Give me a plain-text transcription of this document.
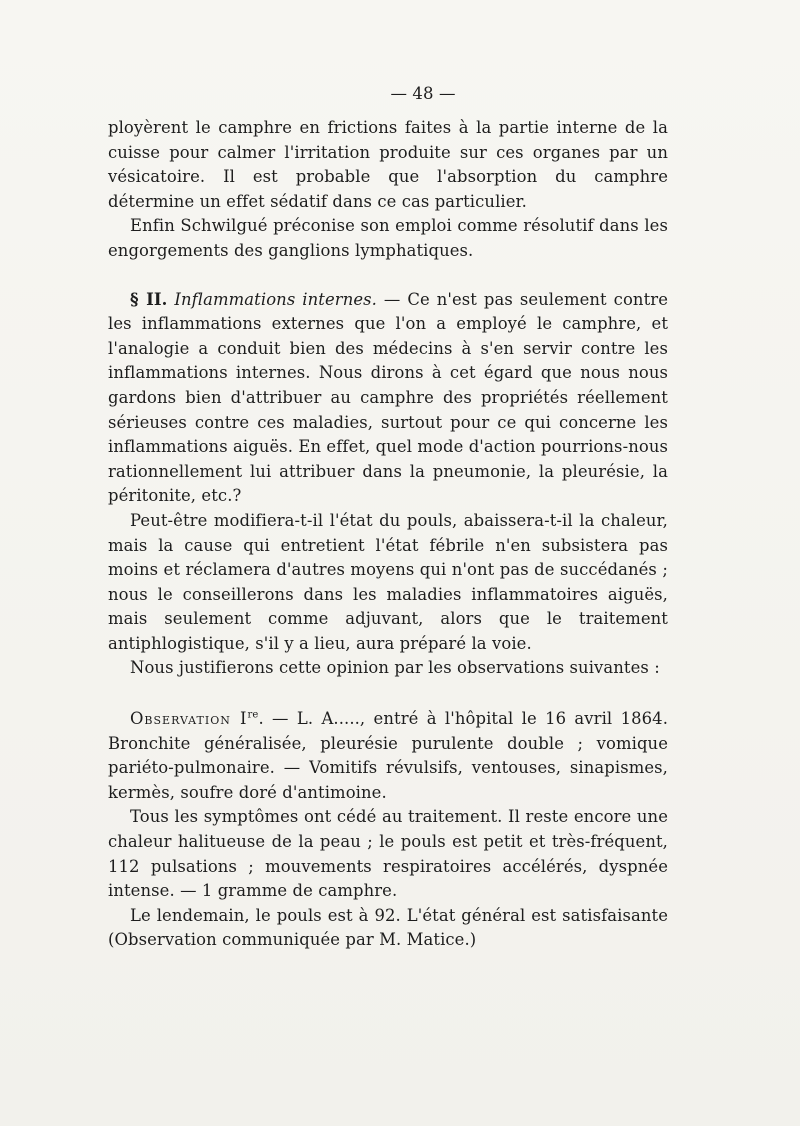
— 48 —

ployèrent le camphre en frictions faites à la partie interne de la cuisse pour calmer l'irritation produite sur ces organes par un vésicatoire. Il est probable que l'absorption du camphre détermine un effet sédatif dans ce cas particulier.

Enfin Schwilgué préconise son emploi comme résolutif dans les engorgements des ganglions lymphatiques.

§ II. Inflammations internes. — Ce n'est pas seulement contre les inflammations externes que l'on a employé le camphre, et l'analogie a conduit bien des médecins à s'en servir contre les inflammations internes. Nous dirons à cet égard que nous nous gardons bien d'attribuer au camphre des propriétés réellement sérieuses contre ces maladies, surtout pour ce qui concerne les inflammations aiguës. En effet, quel mode d'action pourrions-nous rationnellement lui attribuer dans la pneumonie, la pleurésie, la péritonite, etc.?

Peut-être modifiera-t-il l'état du pouls, abaissera-t-il la chaleur, mais la cause qui entretient l'état fébrile n'en subsistera pas moins et réclamera d'autres moyens qui n'ont pas de succédanés ; nous le conseillerons dans les maladies inflammatoires aiguës, mais seulement comme adjuvant, alors que le traitement antiphlogistique, s'il y a lieu, aura préparé la voie.

Nous justifierons cette opinion par les observations suivantes :

Observation Ire. — L. A....., entré à l'hôpital le 16 avril 1864. Bronchite généralisée, pleurésie purulente double ; vomique pariéto-pulmonaire. — Vomitifs révulsifs, ventouses, sinapismes, kermès, soufre doré d'antimoine.

Tous les symptômes ont cédé au traitement. Il reste encore une chaleur halitueuse de la peau ; le pouls est petit et très-fréquent, 112 pulsations ; mouvements respiratoires accélérés, dyspnée intense. — 1 gramme de camphre.

Le lendemain, le pouls est à 92. L'état général est satisfaisante (Observation communiquée par M. Matice.)
